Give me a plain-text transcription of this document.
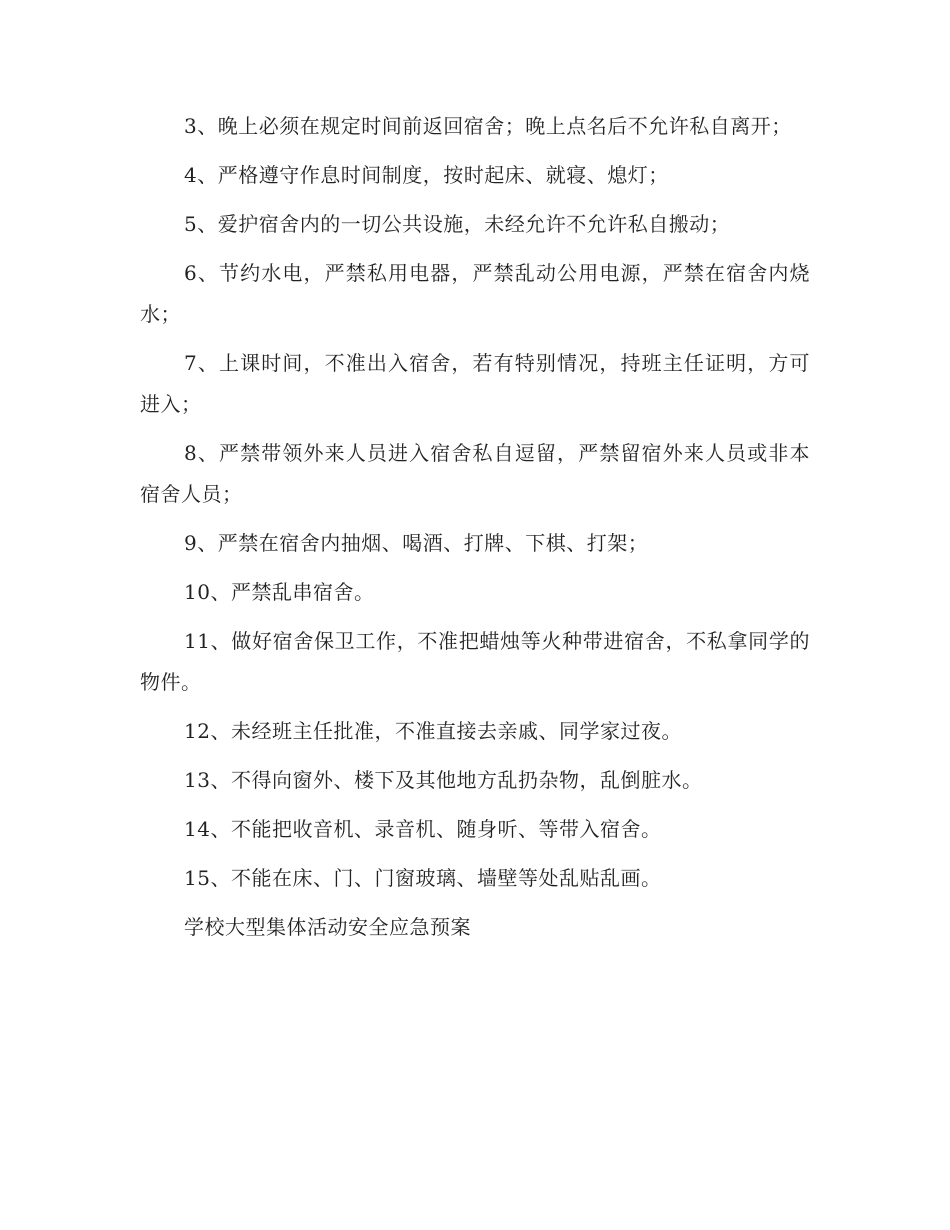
3、晚上必须在规定时间前返回宿舍；晚上点名后不允许私自离开；

4、严格遵守作息时间制度，按时起床、就寝、熄灯；

5、爱护宿舍内的一切公共设施，未经允许不允许私自搬动；

6、节约水电，严禁私用电器，严禁乱动公用电源，严禁在宿舍内烧水；

7、上课时间，不准出入宿舍，若有特别情况，持班主任证明，方可进入；

8、严禁带领外来人员进入宿舍私自逗留，严禁留宿外来人员或非本宿舍人员；

9、严禁在宿舍内抽烟、喝酒、打牌、下棋、打架；

10、严禁乱串宿舍。

11、做好宿舍保卫工作，不准把蜡烛等火种带进宿舍，不私拿同学的物件。

12、未经班主任批准，不准直接去亲戚、同学家过夜。

13、不得向窗外、楼下及其他地方乱扔杂物，乱倒脏水。

14、不能把收音机、录音机、随身听、等带入宿舍。

15、不能在床、门、门窗玻璃、墙壁等处乱贴乱画。

学校大型集体活动安全应急预案
